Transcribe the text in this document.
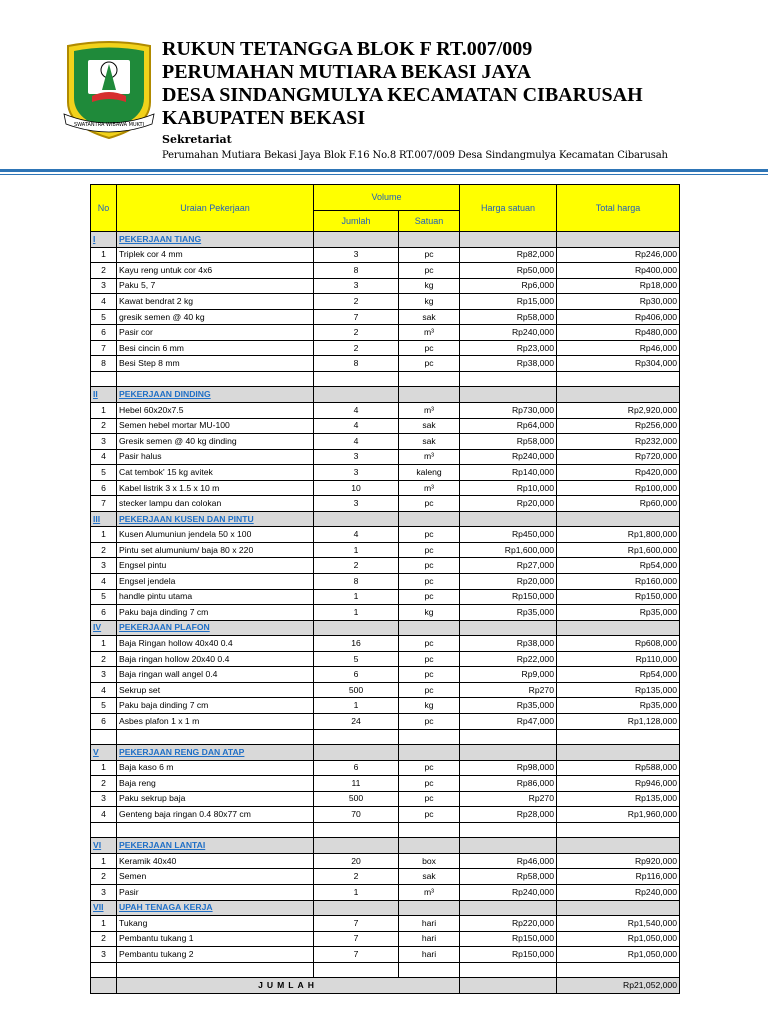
SWATANTRA WIBAWA MUKTI
RUKUN TETANGGA BLOK F RT.007/009
PERUMAHAN MUTIARA BEKASI JAYA
DESA SINDANGMULYA KECAMATAN CIBARUSAH
KABUPATEN BEKASI
Sekretariat
Perumahan Mutiara Bekasi Jaya Blok F.16 No.8 RT.007/009 Desa Sindangmulya Kecamatan Cibarusah
No	Uraian Pekerjaan	Volume		Harga satuan	Total harga
		Jumlah	Satuan		
I	PEKERJAAN TIANG				
1	Triplek cor 4 mm	3	pc	Rp82,000	Rp246,000
2	Kayu reng untuk cor 4x6	8	pc	Rp50,000	Rp400,000
3	Paku 5, 7	3	kg	Rp6,000	Rp18,000
4	Kawat bendrat 2 kg	2	kg	Rp15,000	Rp30,000
5	gresik semen @ 40 kg	7	sak	Rp58,000	Rp406,000
6	Pasir cor	2	m³	Rp240,000	Rp480,000
7	Besi cincin 6 mm	2	pc	Rp23,000	Rp46,000
8	Besi Step 8 mm	8	pc	Rp38,000	Rp304,000

II	PEKERJAAN DINDING				
1	Hebel 60x20x7.5	4	m³	Rp730,000	Rp2,920,000
2	Semen hebel mortar MU-100	4	sak	Rp64,000	Rp256,000
3	Gresik semen @ 40 kg dinding	4	sak	Rp58,000	Rp232,000
4	Pasir halus	3	m³	Rp240,000	Rp720,000
5	Cat tembok' 15 kg avitek	3	kaleng	Rp140,000	Rp420,000
6	Kabel listrik 3 x 1.5 x 10 m	10	m³	Rp10,000	Rp100,000
7	stecker lampu dan colokan	3	pc	Rp20,000	Rp60,000
III	PEKERJAAN KUSEN DAN PINTU				
1	Kusen Alumuniun jendela 50 x 100	4	pc	Rp450,000	Rp1,800,000
2	Pintu set alumunium/ baja 80 x 220	1	pc	Rp1,600,000	Rp1,600,000
3	Engsel pintu	2	pc	Rp27,000	Rp54,000
4	Engsel jendela	8	pc	Rp20,000	Rp160,000
5	handle pintu utama	1	pc	Rp150,000	Rp150,000
6	Paku baja dinding 7 cm	1	kg	Rp35,000	Rp35,000
IV	PEKERJAAN PLAFON				
1	Baja Ringan hollow 40x40 0.4	16	pc	Rp38,000	Rp608,000
2	Baja ringan hollow 20x40 0.4	5	pc	Rp22,000	Rp110,000
3	Baja ringan wall angel 0.4	6	pc	Rp9,000	Rp54,000
4	Sekrup set	500	pc	Rp270	Rp135,000
5	Paku baja dinding 7 cm	1	kg	Rp35,000	Rp35,000
6	Asbes plafon 1 x 1 m	24	pc	Rp47,000	Rp1,128,000

V	PEKERJAAN RENG DAN ATAP				
1	Baja kaso 6 m	6	pc	Rp98,000	Rp588,000
2	Baja reng	11	pc	Rp86,000	Rp946,000
3	Paku sekrup baja	500	pc	Rp270	Rp135,000
4	Genteng baja ringan 0.4 80x77 cm	70	pc	Rp28,000	Rp1,960,000

VI	PEKERJAAN LANTAI				
1	Keramik 40x40	20	box	Rp46,000	Rp920,000
2	Semen	2	sak	Rp58,000	Rp116,000
3	Pasir	1	m³	Rp240,000	Rp240,000
VII	UPAH TENAGA KERJA				
1	Tukang	7	hari	Rp220,000	Rp1,540,000
2	Pembantu tukang 1	7	hari	Rp150,000	Rp1,050,000
3	Pembantu tukang 2	7	hari	Rp150,000	Rp1,050,000

	JUMLAH				Rp21,052,000
